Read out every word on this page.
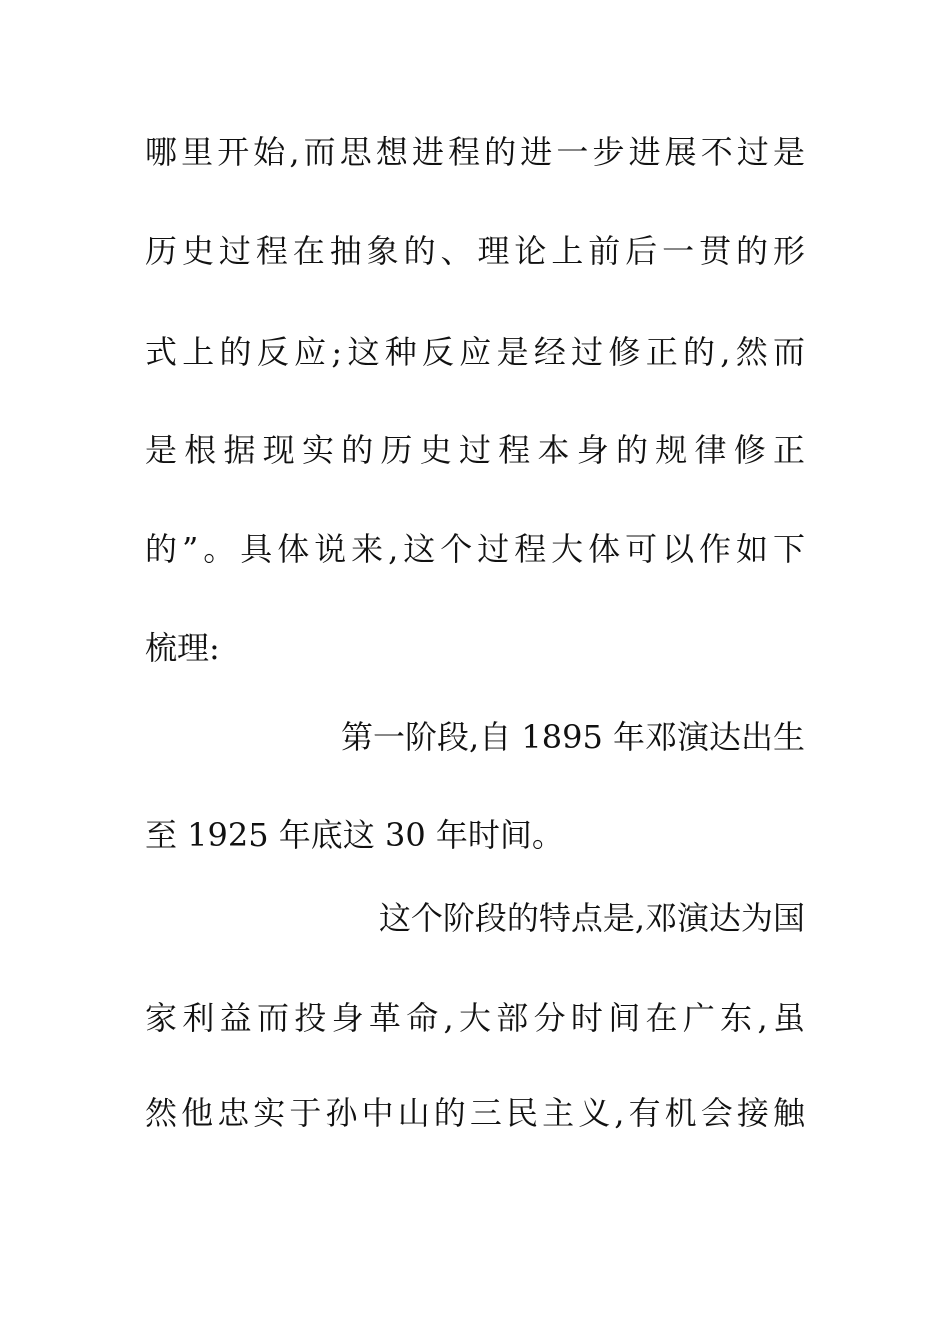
哪里开始,而思想进程的进一步进展不过是
历史过程在抽象的、理论上前后一贯的形
式上的反应;这种反应是经过修正的,然而
是根据现实的历史过程本身的规律修正
的”。具体说来,这个过程大体可以作如下
梳理:
第一阶段,自 1895 年邓演达出生
至 1925 年底这 30 年时间。
这个阶段的特点是,邓演达为国
家利益而投身革命,大部分时间在广东,虽
然他忠实于孙中山的三民主义,有机会接触
